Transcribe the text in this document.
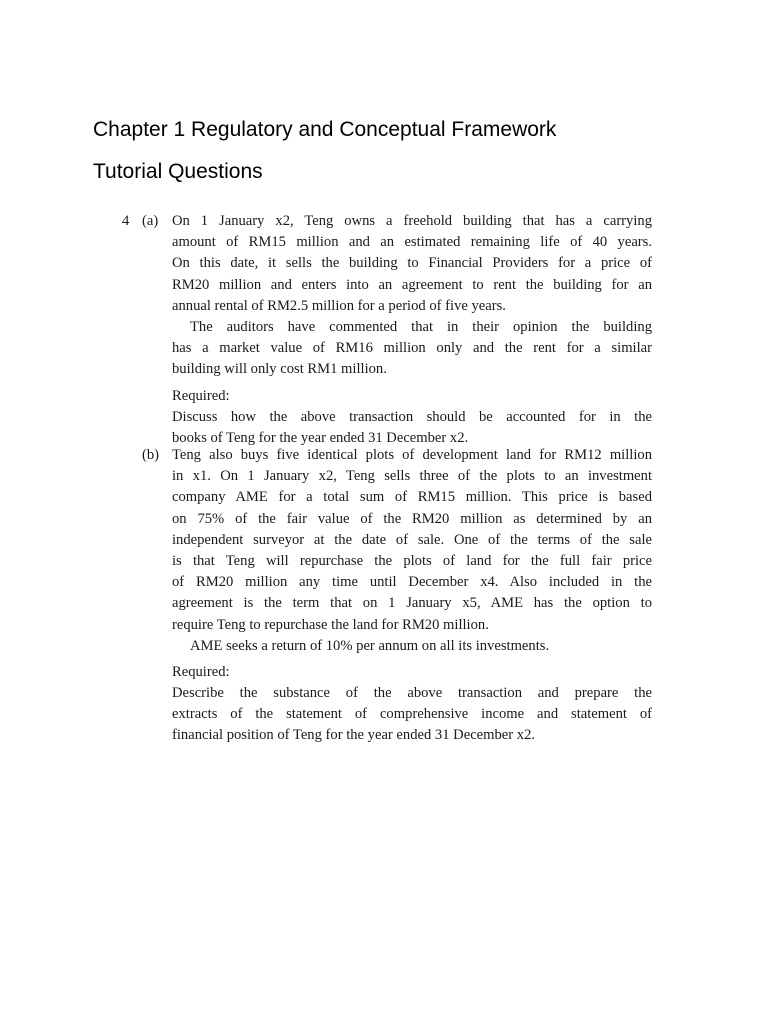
Chapter 1 Regulatory and Conceptual Framework
Tutorial Questions
4 (a)
(b)
On 1 January x2, Teng owns a freehold building that has a carrying
amount of RM15 million and an estimated remaining life of 40 years.
On this date, it sells the building to Financial Providers for a price of
RM20 million and enters into an agreement to rent the building for an
annual rental of RM2.5 million for a period of five years.
The auditors have commented that in their opinion the building
has a market value of RM16 million only and the rent for a similar
building will only cost RM1 million.
Required:
Discuss how the above transaction should be accounted for in the
books of Teng for the year ended 31 December x2.
Teng also buys five identical plots of development land for RM12 million
in x1. On 1 January x2, Teng sells three of the plots to an investment
company AME for a total sum of RM15 million. This price is based
on 75% of the fair value of the RM20 million as determined by an
independent surveyor at the date of sale. One of the terms of the sale
is that Teng will repurchase the plots of land for the full fair price
of RM20 million any time until December x4. Also included in the
agreement is the term that on 1 January x5, AME has the option to
require Teng to repurchase the land for RM20 million.
AME seeks a return of 10% per annum on all its investments.
Required:
Describe the substance of the above transaction and prepare the
extracts of the statement of comprehensive income and statement of
financial position of Teng for the year ended 31 December x2.
